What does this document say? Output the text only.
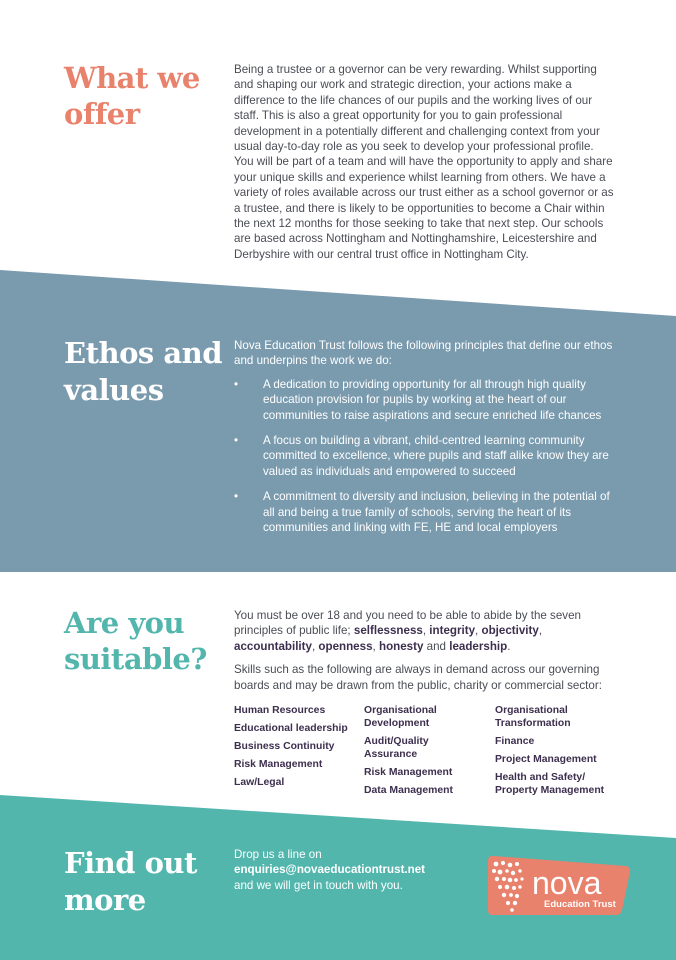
What we offer

Being a trustee or a governor can be very rewarding. Whilst supporting and shaping our work and strategic direction, your actions make a difference to the life chances of our pupils and the working lives of our staff. This is also a great opportunity for you to gain professional development in a potentially different and challenging context from your usual day-to-day role as you seek to develop your professional profile. You will be part of a team and will have the opportunity to apply and share your unique skills and experience whilst learning from others. We have a variety of roles available across our trust either as a school governor or as a trustee, and there is likely to be opportunities to become a Chair within the next 12 months for those seeking to take that next step. Our schools are based across Nottingham and Nottinghamshire, Leicestershire and Derbyshire with our central trust office in Nottingham City.

Ethos and values

Nova Education Trust follows the following principles that define our ethos and underpins the work we do:

• A dedication to providing opportunity for all through high quality education provision for pupils by working at the heart of our communities to raise aspirations and secure enriched life chances
• A focus on building a vibrant, child-centred learning community committed to excellence, where pupils and staff alike know they are valued as individuals and empowered to succeed
• A commitment to diversity and inclusion, believing in the potential of all and being a true family of schools, serving the heart of its communities and linking with FE, HE and local employers
Are you suitable?

You must be over 18 and you need to be able to abide by the seven principles of public life; selflessness, integrity, objectivity, accountability, openness, honesty and leadership.

Skills such as the following are always in demand across our governing boards and may be drawn from the public, charity or commercial sector:

Human Resources
Educational leadership
Business Continuity
Risk Management
Law/Legal
Organisational Development
Audit/Quality Assurance
Risk Management
Data Management
Organisational Transformation
Finance
Project Management
Health and Safety/ Property Management
Find out more
Drop us a line on
enquiries@novaeducationtrust.net
and we will get in touch with you.	nova
Education Trust
